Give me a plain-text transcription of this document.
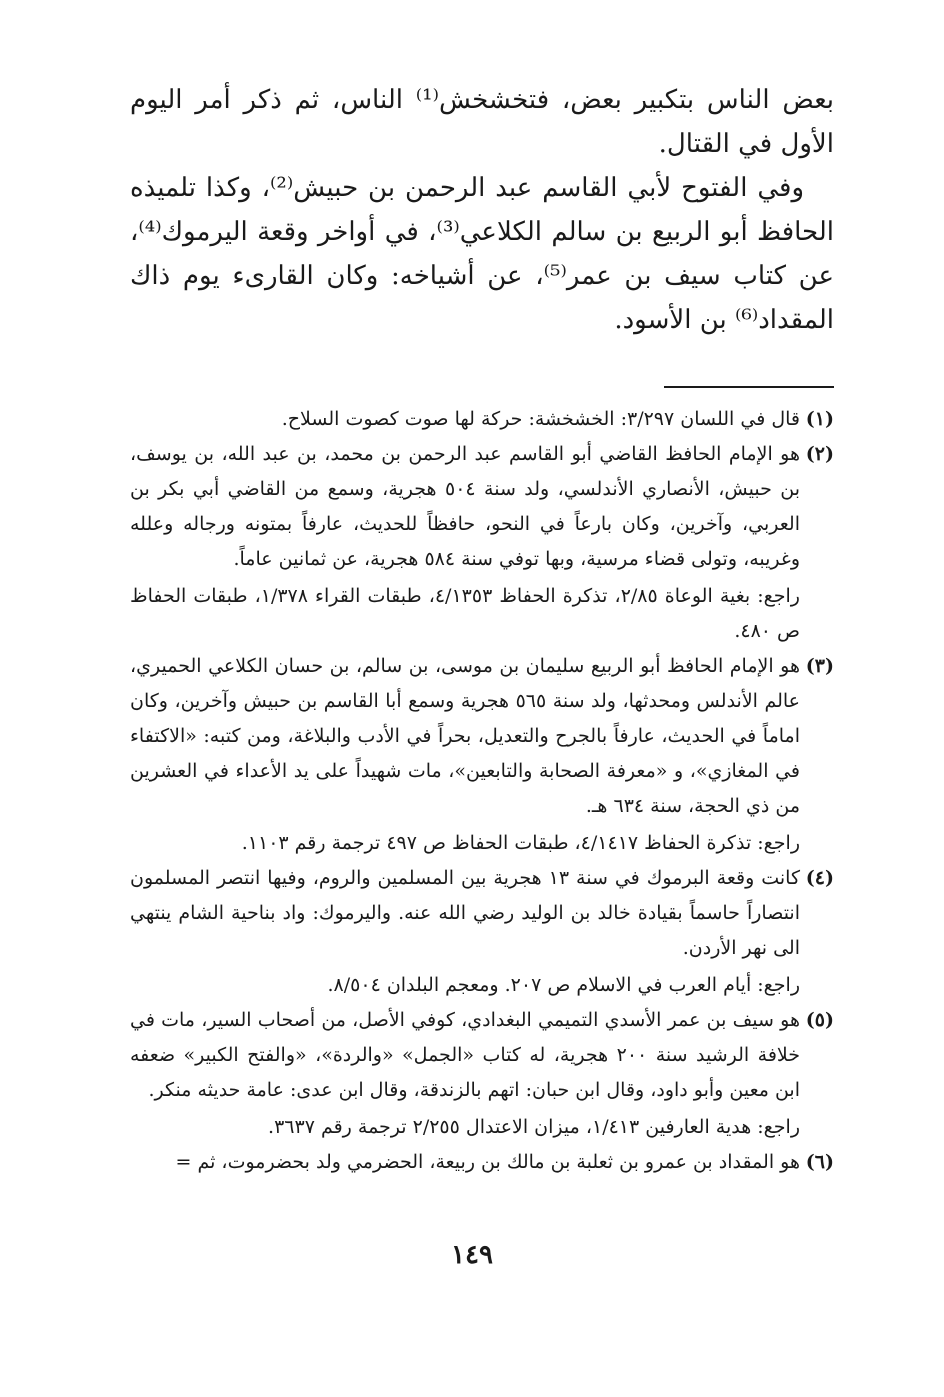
بعض الناس بتكبير بعض، فتخشخش⁽¹⁾ الناس، ثم ذكر أمر اليوم الأول في القتال.

وفي الفتوح لأبي القاسم عبد الرحمن بن حبيش⁽²⁾، وكذا تلميذه الحافظ أبو الربيع بن سالم الكلاعي⁽³⁾، في أواخر وقعة اليرموك⁽⁴⁾، عن كتاب سيف بن عمر⁽⁵⁾، عن أشياخه: وكان القارىء يوم ذاك المقداد⁽⁶⁾ بن الأسود.

(١)
قال في اللسان ٣/٢٩٧: الخشخشة: حركة لها صوت كصوت السلاح.
(٢)
هو الإمام الحافظ القاضي أبو القاسم عبد الرحمن بن محمد، بن عبد الله، بن يوسف، بن حبيش، الأنصاري الأندلسي، ولد سنة ٥٠٤ هجرية، وسمع من القاضي أبي بكر بن العربي، وآخرين، وكان بارعاً في النحو، حافظاً للحديث، عارفاً بمتونه ورجاله وعلله وغريبه، وتولى قضاء مرسية، وبها توفي سنة ٥٨٤ هجرية، عن ثمانين عاماً.
راجع: بغية الوعاة ٢/٨٥، تذكرة الحفاظ ٤/١٣٥٣، طبقات القراء ١/٣٧٨، طبقات الحفاظ ص ٤٨٠.
(٣)
هو الإمام الحافظ أبو الربيع سليمان بن موسى، بن سالم، بن حسان الكلاعي الحميري، عالم الأندلس ومحدثها، ولد سنة ٥٦٥ هجرية وسمع أبا القاسم بن حبيش وآخرين، وكان اماماً في الحديث، عارفاً بالجرح والتعديل، بحراً في الأدب والبلاغة، ومن كتبه: «الاكتفاء في المغازي»، و «معرفة الصحابة والتابعين»، مات شهيداً على يد الأعداء في العشرين من ذي الحجة، سنة ٦٣٤ هـ.
راجع: تذكرة الحفاظ ٤/١٤١٧، طبقات الحفاظ ص ٤٩٧ ترجمة رقم ١١٠٣.
(٤)
كانت وقعة البرموك في سنة ١٣ هجرية بين المسلمين والروم، وفيها انتصر المسلمون انتصاراً حاسماً بقيادة خالد بن الوليد رضي الله عنه. واليرموك: واد بناحية الشام ينتهي الى نهر الأردن.
راجع: أيام العرب في الاسلام ص ٢٠٧. ومعجم البلدان ٨/٥٠٤.
(٥)
هو سيف بن عمر الأسدي التميمي البغدادي، كوفي الأصل، من أصحاب السير، مات في خلافة الرشيد سنة ٢٠٠ هجرية، له كتاب «الجمل» «والردة»، «والفتح الكبير» ضعفه ابن معين وأبو داود، وقال ابن حبان: اتهم بالزندقة، وقال ابن عدى: عامة حديثه منكر.
راجع: هدية العارفين ١/٤١٣، ميزان الاعتدال ٢/٢٥٥ ترجمة رقم ٣٦٣٧.
(٦)
هو المقداد بن عمرو بن ثعلبة بن مالك بن ربيعة، الحضرمي ولد بحضرموت، ثم =
١٤٩
